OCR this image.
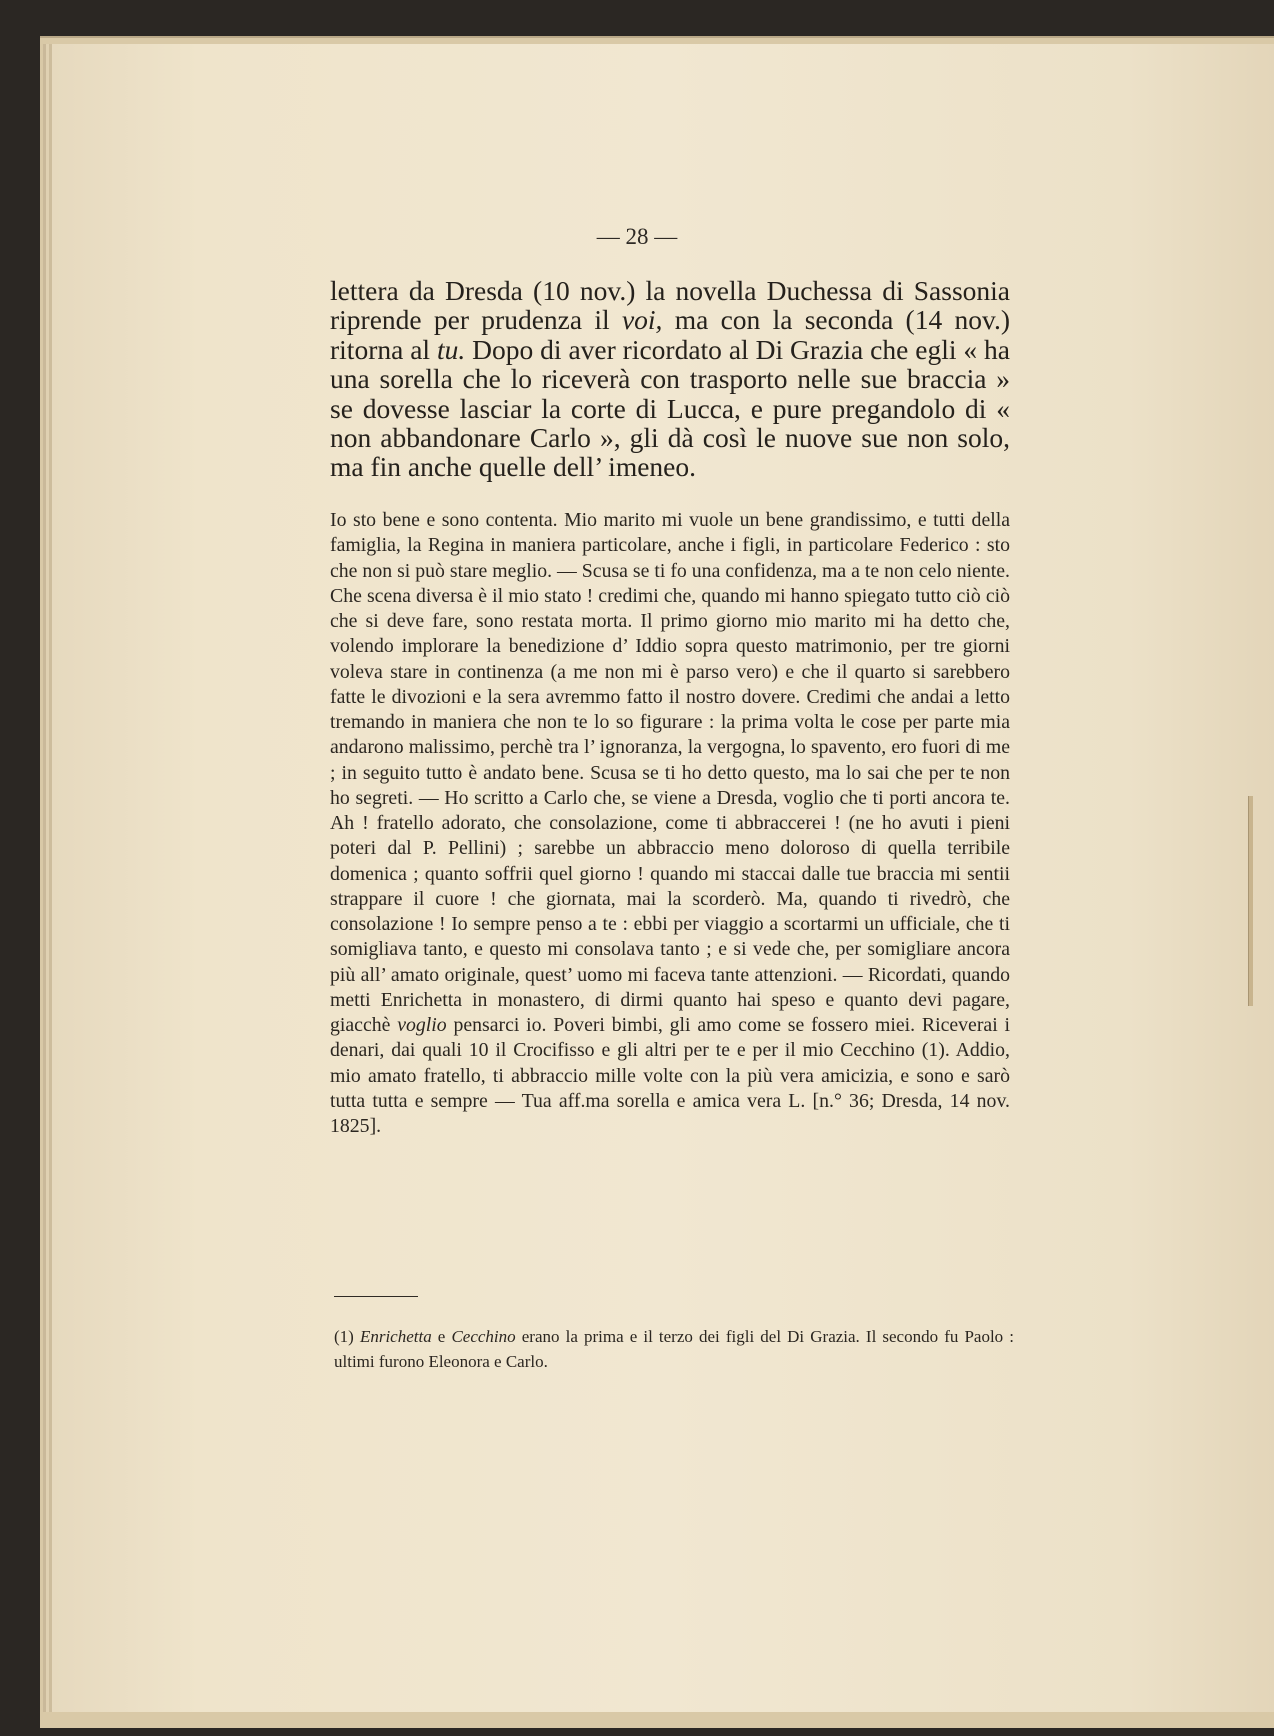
— 28 —
lettera da Dresda (10 nov.) la novella Duchessa di Sassonia riprende per prudenza il voi, ma con la seconda (14 nov.) ritorna al tu. Dopo di aver ricordato al Di Grazia che egli « ha una sorella che lo riceverà con trasporto nelle sue braccia » se dovesse lasciar la corte di Lucca, e pure pregandolo di « non abbandonare Carlo », gli dà così le nuove sue non solo, ma fin anche quelle dell’ imeneo.
Io sto bene e sono contenta. Mio marito mi vuole un bene grandissimo, e tutti della famiglia, la Regina in maniera particolare, anche i figli, in particolare Federico : sto che non si può stare meglio. — Scusa se ti fo una confidenza, ma a te non celo niente. Che scena diversa è il mio stato ! credimi che, quando mi hanno spiegato tutto ciò ciò che si deve fare, sono restata morta. Il primo giorno mio marito mi ha detto che, volendo implorare la benedizione d’ Iddio sopra questo matrimonio, per tre giorni voleva stare in continenza (a me non mi è parso vero) e che il quarto si sarebbero fatte le divozioni e la sera avremmo fatto il nostro dovere. Credimi che andai a letto tremando in maniera che non te lo so figurare : la prima volta le cose per parte mia andarono malissimo, perchè tra l’ ignoranza, la vergogna, lo spavento, ero fuori di me ; in seguito tutto è andato bene. Scusa se ti ho detto questo, ma lo sai che per te non ho segreti. — Ho scritto a Carlo che, se viene a Dresda, voglio che ti porti ancora te. Ah ! fratello adorato, che consolazione, come ti abbraccerei ! (ne ho avuti i pieni poteri dal P. Pellini) ; sarebbe un abbraccio meno doloroso di quella terribile domenica ; quanto soffrii quel giorno ! quando mi staccai dalle tue braccia mi sentii strappare il cuore ! che giornata, mai la scorderò. Ma, quando ti rivedrò, che consolazione ! Io sempre penso a te : ebbi per viaggio a scortarmi un ufficiale, che ti somigliava tanto, e questo mi consolava tanto ; e si vede che, per somigliare ancora più all’ amato originale, quest’ uomo mi faceva tante attenzioni. — Ricordati, quando metti Enrichetta in monastero, di dirmi quanto hai speso e quanto devi pagare, giacchè voglio pensarci io. Poveri bimbi, gli amo come se fossero miei. Riceverai i denari, dai quali 10 il Crocifisso e gli altri per te e per il mio Cecchino (1). Addio, mio amato fratello, ti abbraccio mille volte con la più vera amicizia, e sono e sarò tutta tutta e sempre — Tua aff.ma sorella e amica vera L. [n.° 36; Dresda, 14 nov. 1825].
(1) Enrichetta e Cecchino erano la prima e il terzo dei figli del Di Grazia. Il secondo fu Paolo : ultimi furono Eleonora e Carlo.
